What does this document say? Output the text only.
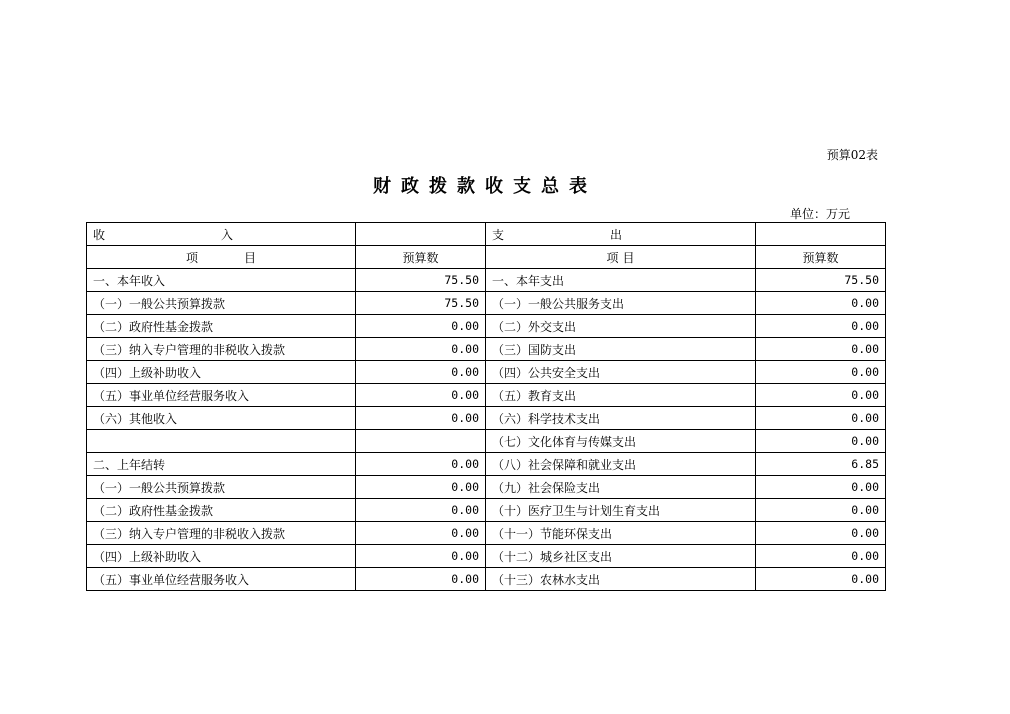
预算02表
财政拨款收支总表
单位：万元
收 入		支 出	

项 目	预算数	项 目	预算数
一、本年收入	75.50	一、本年支出	75.50
（一）一般公共预算拨款	75.50	（一）一般公共服务支出	0.00
（二）政府性基金拨款	0.00	（二）外交支出	0.00
（三）纳入专户管理的非税收入拨款	0.00	（三）国防支出	0.00
（四）上级补助收入	0.00	（四）公共安全支出	0.00
（五）事业单位经营服务收入	0.00	（五）教育支出	0.00
（六）其他收入	0.00	（六）科学技术支出	0.00
		（七）文化体育与传媒支出	0.00
二、上年结转	0.00	（八）社会保障和就业支出	6.85
（一）一般公共预算拨款	0.00	（九）社会保险支出	0.00
（二）政府性基金拨款	0.00	（十）医疗卫生与计划生育支出	0.00
（三）纳入专户管理的非税收入拨款	0.00	（十一）节能环保支出	0.00
（四）上级补助收入	0.00	（十二）城乡社区支出	0.00
（五）事业单位经营服务收入	0.00	（十三）农林水支出	0.00
